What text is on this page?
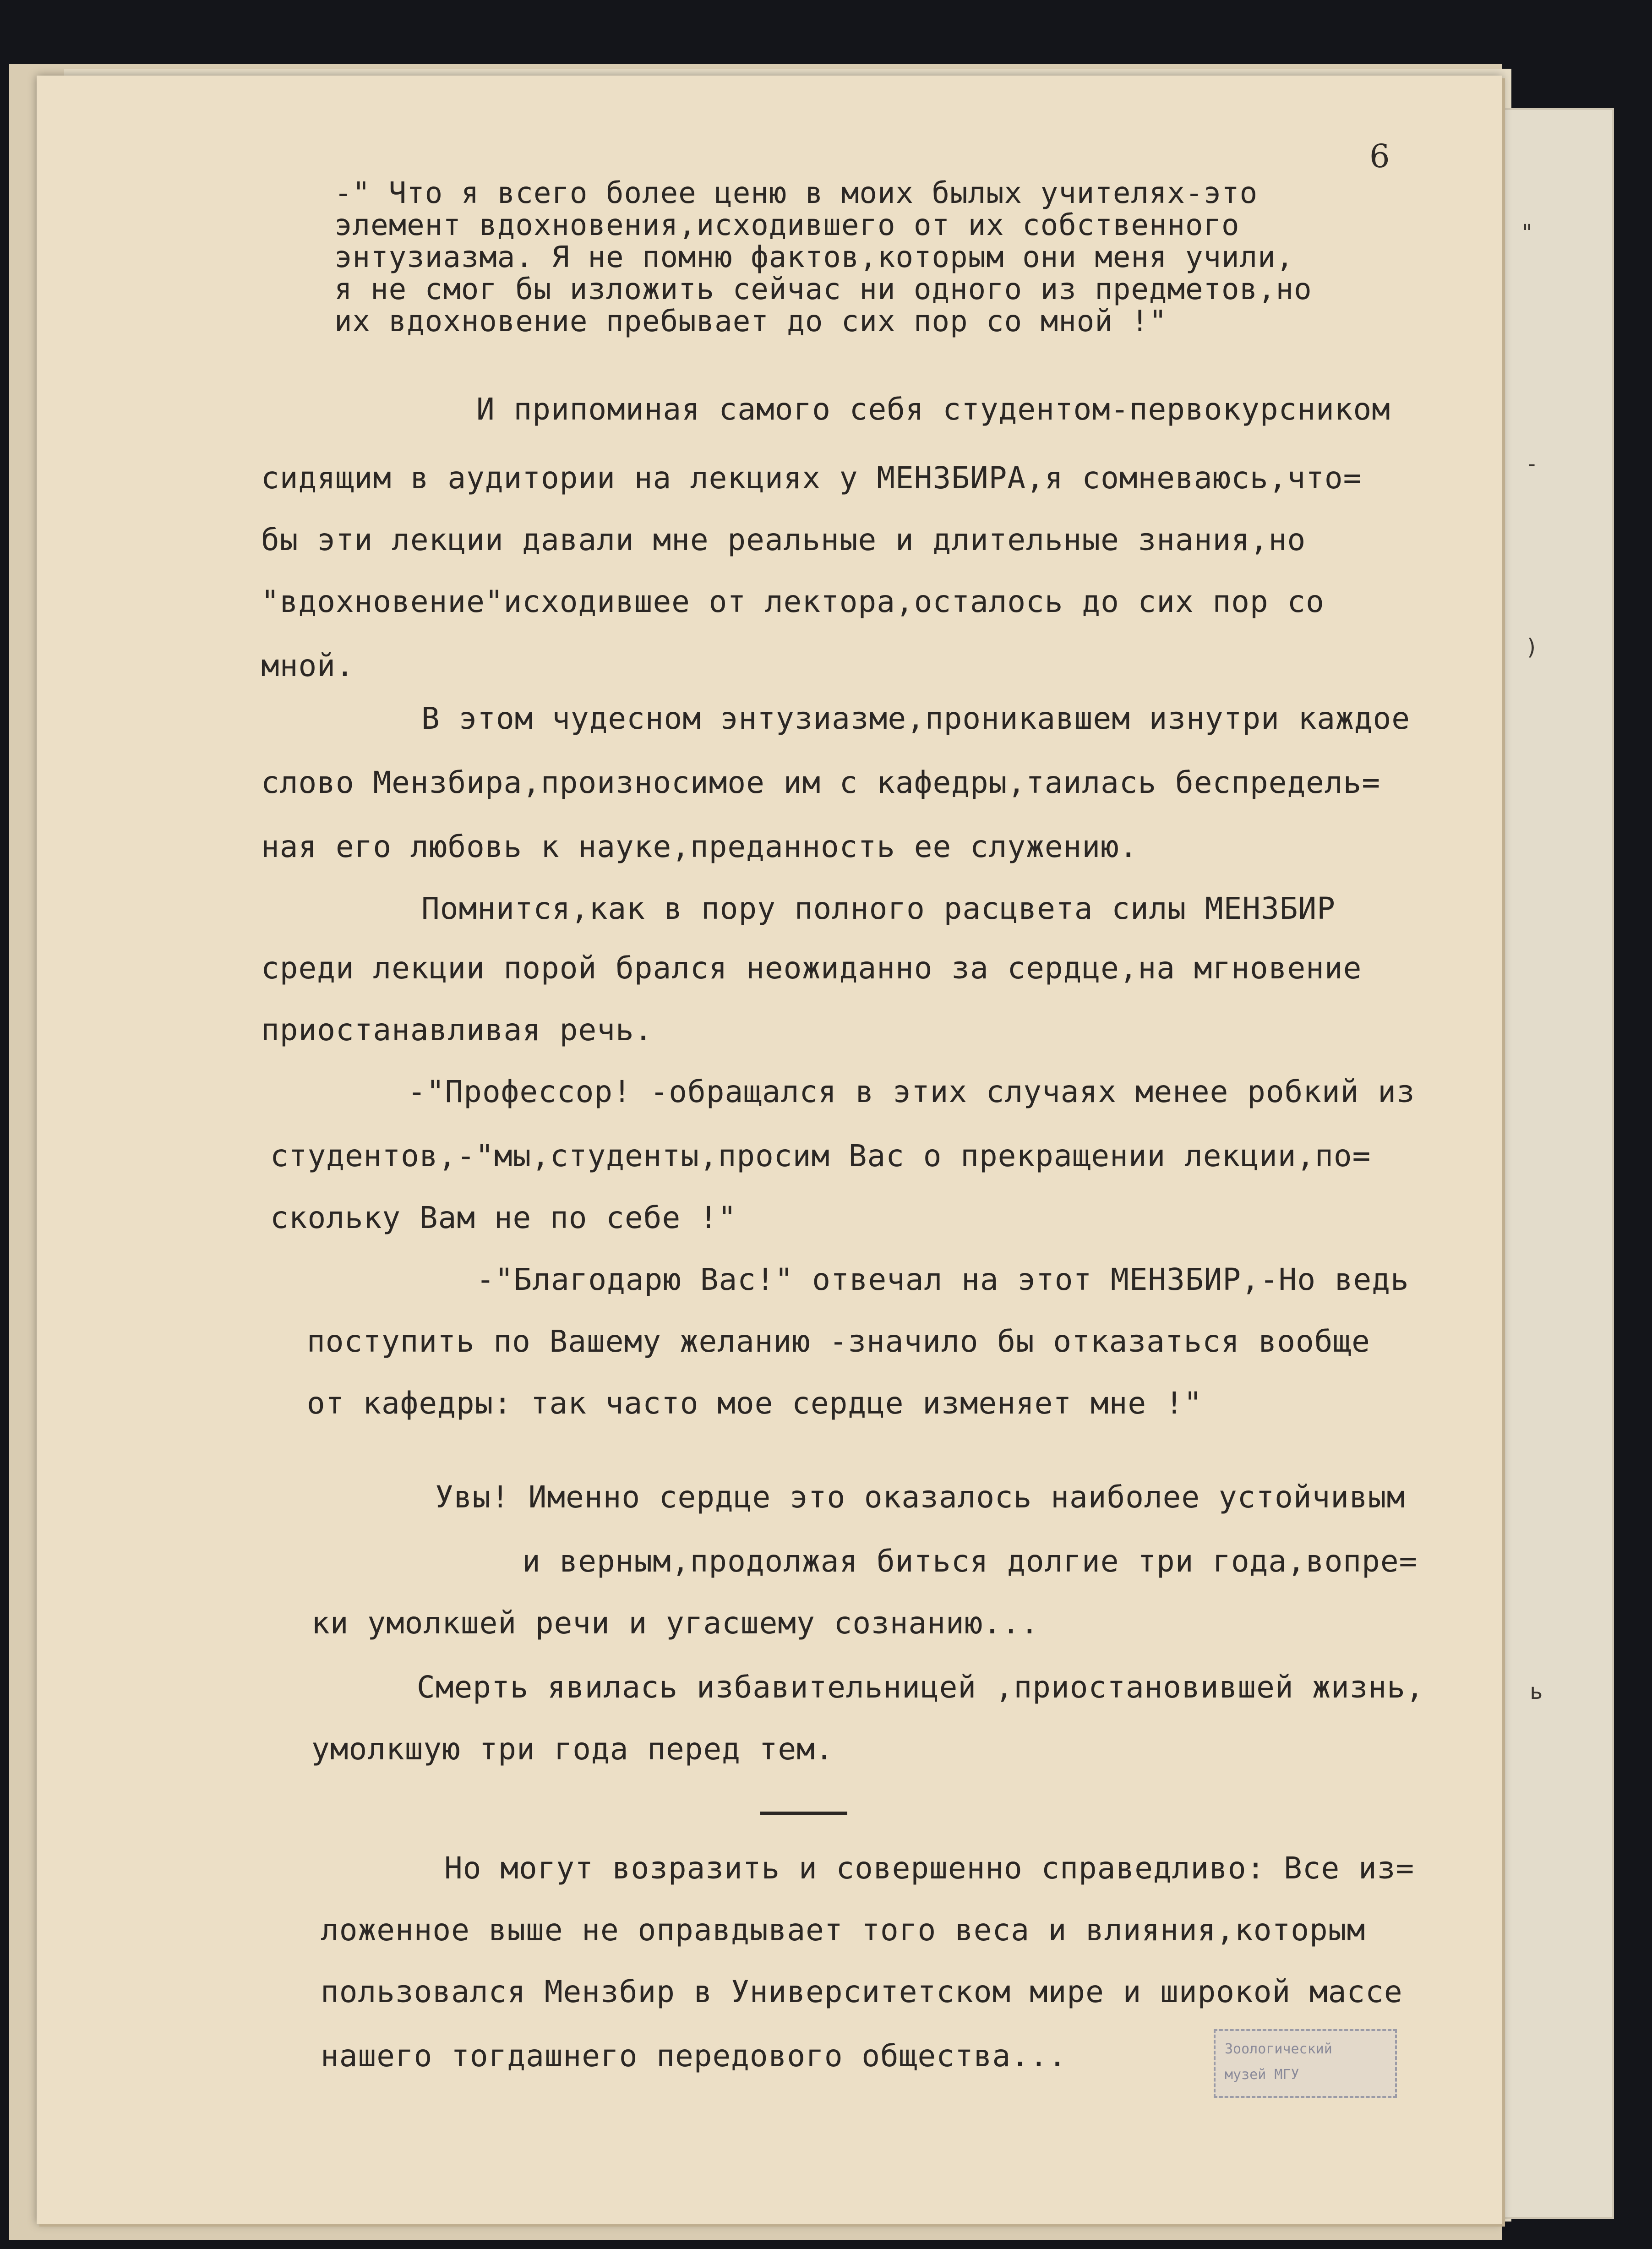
"
-
)
ь
6
-" Что я всего более ценю в моих былых учителях-это
элемент вдохновения,исходившего от их собственного
энтузиазма. Я не помню фактов,которым они меня учили,
я не смог бы изложить сейчас ни одного из предметов,но
их вдохновение пребывает до сих пор со мной !"
И припоминая самого себя студентом-первокурсником
сидящим в аудитории на лекциях у МЕНЗБИРА,я сомневаюсь,что=
бы эти лекции давали мне реальные и длительные знания,но
"вдохновение"исходившее от лектора,осталось до сих пор со
мной.
В этом чудесном энтузиазме,проникавшем изнутри каждое
слово Мензбира,произносимое им с кафедры,таилась беспредель=
ная его любовь к науке,преданность ее служению.
Помнится,как в пору полного расцвета силы МЕНЗБИР
среди лекции порой брался неожиданно за сердце,на мгновение
приостанавливая речь.
-"Профессор! -обращался в этих случаях менее робкий из
студентов,-"мы,студенты,просим Вас о прекращении лекции,по=
скольку Вам не по себе !"
-"Благодарю Вас!" отвечал на этот МЕНЗБИР,-Но ведь
поступить по Вашему желанию -значило бы отказаться вообще
от кафедры: так часто мое сердце изменяет мне !"
Увы! Именно сердце это оказалось наиболее устойчивым
и верным,продолжая биться долгие три года,вопре=
ки умолкшей речи и угасшему сознанию...
Смерть явилась избавительницей ,приостановившей жизнь,
умолкшую три года перед тем.
Но могут возразить и совершенно справедливо: Все из=
ложенное выше не оправдывает того веса и влияния,которым
пользовался Мензбир в Университетском мире и широкой массе
нашего тогдашнего передового общества...	Зоологический
музей МГУ
